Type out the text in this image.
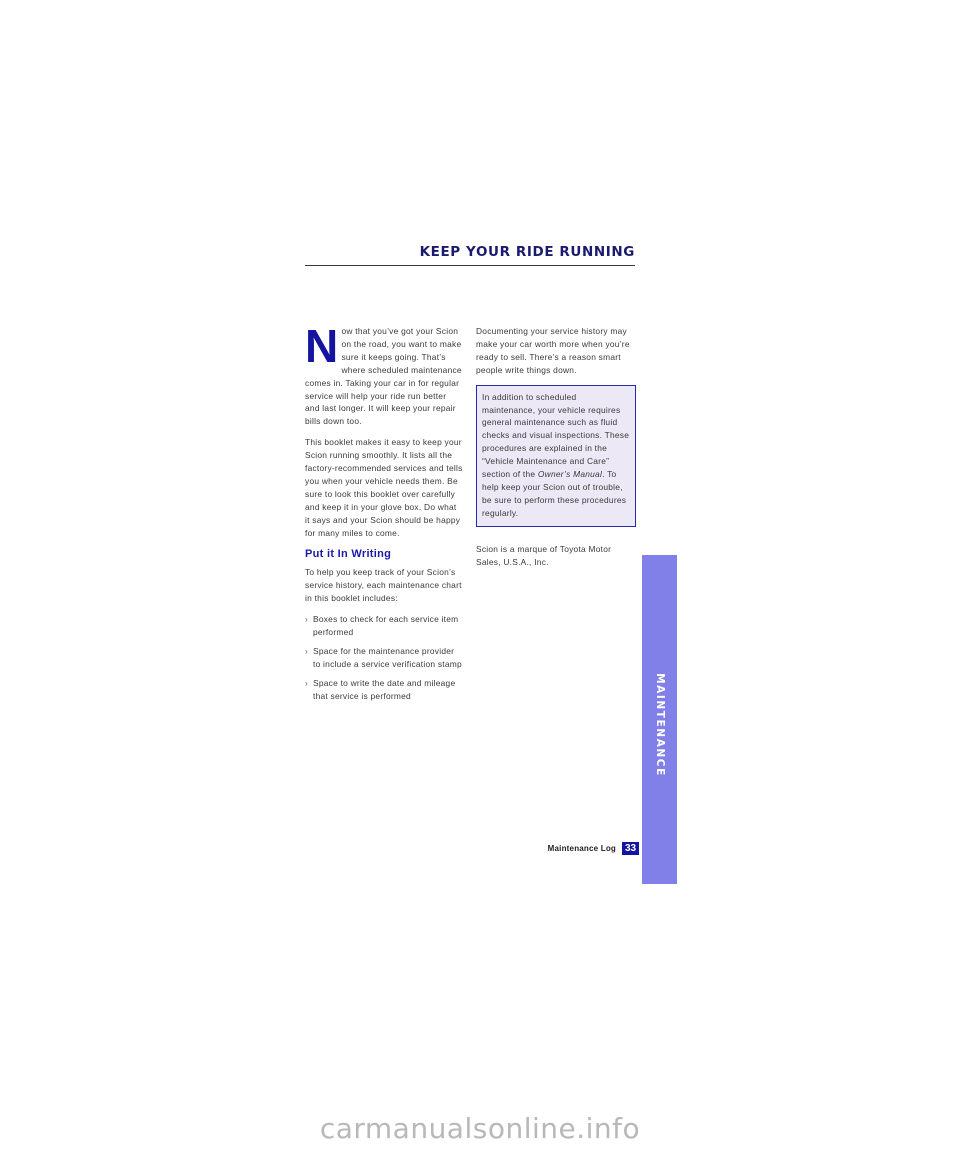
KEEP YOUR RIDE RUNNING

Now that you’ve got your Scion on the road, you want to make sure it keeps going. That’s where scheduled maintenance comes in. Taking your car in for regular service will help your ride run better and last longer. It will keep your repair bills down too.

This booklet makes it easy to keep your Scion running smoothly. It lists all the factory-recommended services and tells you when your vehicle needs them. Be sure to look this booklet over carefully and keep it in your glove box. Do what it says and your Scion should be happy for many miles to come.

Put it In Writing

To help you keep track of your Scion’s service history, each maintenance chart in this booklet includes:

› Boxes to check for each service item performed
› Space for the maintenance provider to include a service verification stamp
› Space to write the date and mileage that service is performed

Documenting your service history may make your car worth more when you’re ready to sell. There’s a reason smart people write things down.

In addition to scheduled maintenance, your vehicle requires general maintenance such as fluid checks and visual inspections. These procedures are explained in the “Vehicle Maintenance and Care” section of the Owner’s Manual. To help keep your Scion out of trouble, be sure to perform these procedures regularly.

Scion is a marque of Toyota Motor Sales, U.S.A., Inc.

MAINTENANCE
Maintenance Log 33
carmanualsonline.info
